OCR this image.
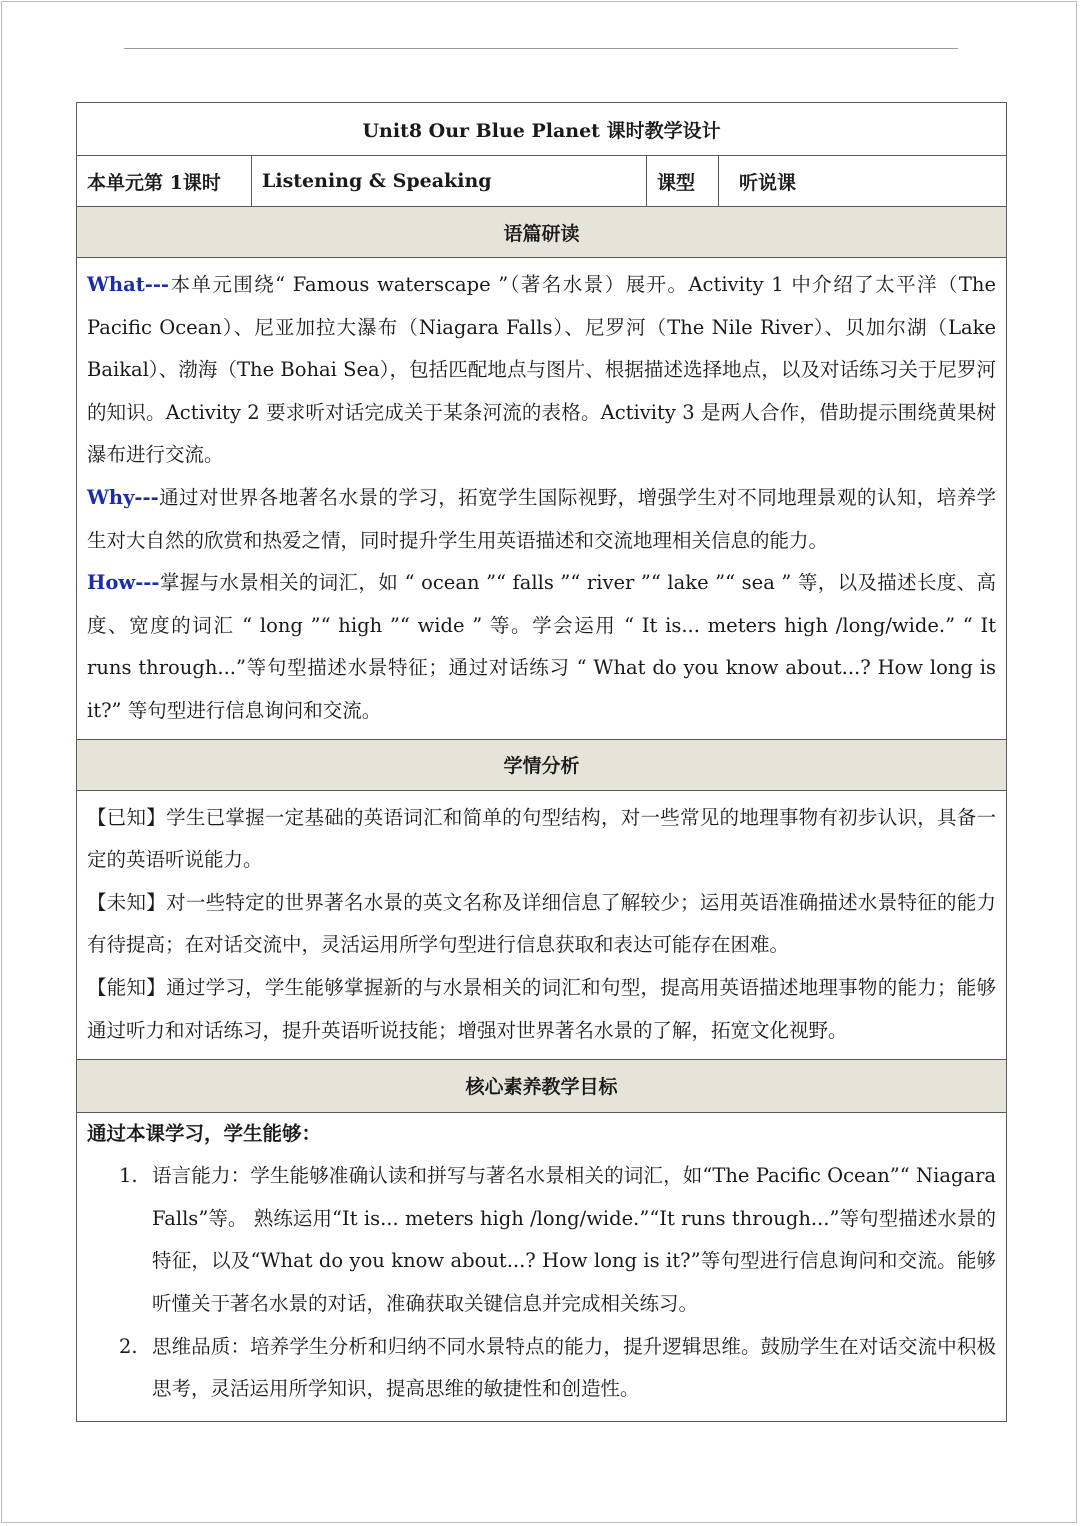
Unit8 Our Blue Planet 课时教学设计
本单元第 1课时	Listening & Speaking	课型	听说课
语篇研读

What---本单元围绕“ Famous waterscape ”（著名水景）展开。Activity 1 中介绍了太平洋（The Pacific Ocean）、尼亚加拉大瀑布（Niagara Falls）、尼罗河（The Nile River）、贝加尔湖（Lake Baikal）、渤海（The Bohai Sea），包括匹配地点与图片、根据描述选择地点，以及对话练习关于尼罗河的知识。Activity 2 要求听对话完成关于某条河流的表格。Activity 3 是两人合作，借助提示围绕黄果树瀑布进行交流。

Why---通过对世界各地著名水景的学习，拓宽学生国际视野，增强学生对不同地理景观的认知，培养学生对大自然的欣赏和热爱之情，同时提升学生用英语描述和交流地理相关信息的能力。

How---掌握与水景相关的词汇，如 “ ocean ”“ falls ”“ river ”“ lake ”“ sea ” 等，以及描述长度、高度、宽度的词汇 “ long ”“ high ”“ wide ” 等。学会运用 “ It is... meters high /long/wide.” “ It runs through...”等句型描述水景特征；通过对话练习 “ What do you know about...? How long is it?” 等句型进行信息询问和交流。

学情分析

【已知】学生已掌握一定基础的英语词汇和简单的句型结构，对一些常见的地理事物有初步认识，具备一定的英语听说能力。

【未知】对一些特定的世界著名水景的英文名称及详细信息了解较少；运用英语准确描述水景特征的能力有待提高；在对话交流中，灵活运用所学句型进行信息获取和表达可能存在困难。

【能知】通过学习，学生能够掌握新的与水景相关的词汇和句型，提高用英语描述地理事物的能力；能够通过听力和对话练习，提升英语听说技能；增强对世界著名水景的了解，拓宽文化视野。

核心素养教学目标

通过本课学习，学生能够：

1. 语言能力：学生能够准确认读和拼写与著名水景相关的词汇，如“The Pacific Ocean”“ Niagara Falls”等。 熟练运用“It is... meters high /long/wide.”“It runs through...”等句型描述水景的特征，以及“What do you know about...? How long is it?”等句型进行信息询问和交流。能够听懂关于著名水景的对话，准确获取关键信息并完成相关练习。

2. 思维品质：培养学生分析和归纳不同水景特点的能力，提升逻辑思维。鼓励学生在对话交流中积极思考，灵活运用所学知识，提高思维的敏捷性和创造性。
